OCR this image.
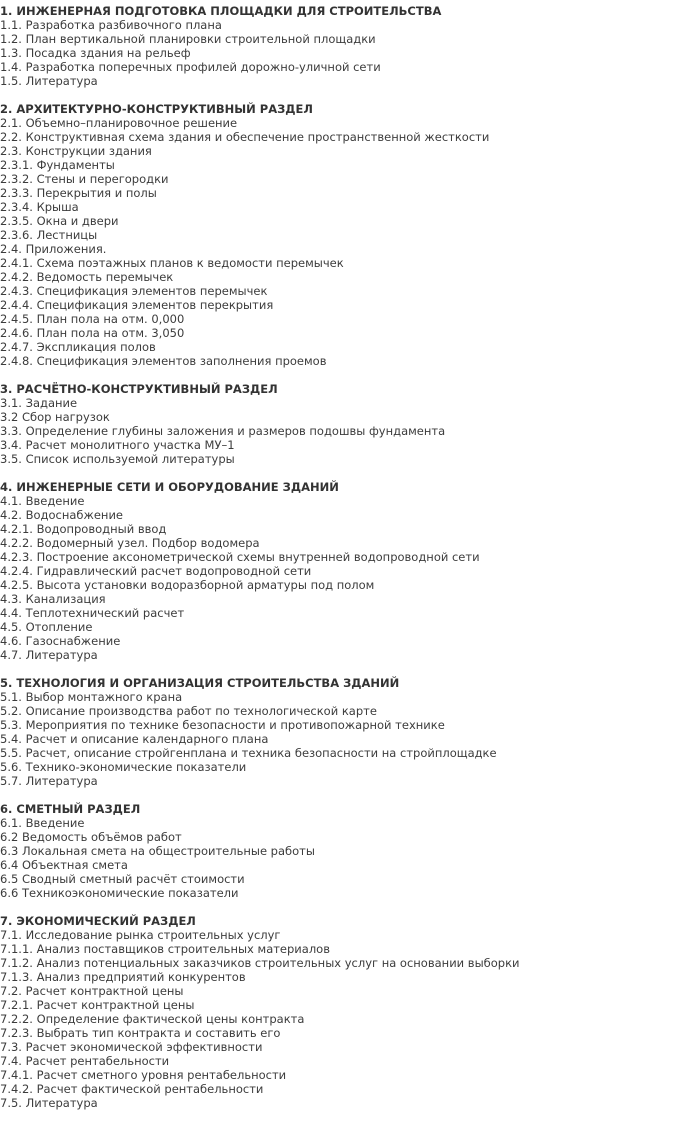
1. ИНЖЕНЕРНАЯ ПОДГОТОВКА ПЛОЩАДКИ ДЛЯ СТРОИТЕЛЬСТВА
1.1. Разработка разбивочного плана
1.2. План вертикальной планировки строительной площадки
1.3. Посадка здания на рельеф
1.4. Разработка поперечных профилей дорожно-уличной сети
1.5. Литература
2. АРХИТЕКТУРНО-КОНСТРУКТИВНЫЙ РАЗДЕЛ
2.1. Объемно–планировочное решение
2.2. Конструктивная схема здания и обеспечение пространственной жесткости
2.3. Конструкции здания
2.3.1. Фундаменты
2.3.2. Стены и перегородки
2.3.3. Перекрытия и полы
2.3.4. Крыша
2.3.5. Окна и двери
2.3.6. Лестницы
2.4. Приложения.
2.4.1. Схема поэтажных планов к ведомости перемычек
2.4.2. Ведомость перемычек
2.4.3. Спецификация элементов перемычек
2.4.4. Спецификация элементов перекрытия
2.4.5. План пола на отм. 0,000
2.4.6. План пола на отм. 3,050
2.4.7. Экспликация полов
2.4.8. Спецификация элементов заполнения проемов
3. РАСЧЁТНО-КОНСТРУКТИВНЫЙ РАЗДЕЛ
3.1. Задание
3.2 Сбор нагрузок
3.3. Определение глубины заложения и размеров подошвы фундамента
3.4. Расчет монолитного участка МУ–1
3.5. Список используемой литературы
4. ИНЖЕНЕРНЫЕ СЕТИ И ОБОРУДОВАНИЕ ЗДАНИЙ
4.1. Введение
4.2. Водоснабжение
4.2.1. Водопроводный ввод
4.2.2. Водомерный узел. Подбор водомера
4.2.3. Построение аксонометрической схемы внутренней водопроводной сети
4.2.4. Гидравлический расчет водопроводной сети
4.2.5. Высота установки водоразборной арматуры под полом
4.3. Канализация
4.4. Теплотехнический расчет
4.5. Отопление
4.6. Газоснабжение
4.7. Литература
5. ТЕХНОЛОГИЯ И ОРГАНИЗАЦИЯ СТРОИТЕЛЬСТВА ЗДАНИЙ
5.1. Выбор монтажного крана
5.2. Описание производства работ по технологической карте
5.3. Мероприятия по технике безопасности и противопожарной технике
5.4. Расчет и описание календарного плана
5.5. Расчет, описание стройгенплана и техника безопасности на стройплощадке
5.6. Технико-экономические показатели
5.7. Литература
6. СМЕТНЫЙ РАЗДЕЛ
6.1. Введение
6.2 Ведомость объёмов работ
6.3 Локальная смета на общестроительные работы
6.4 Объектная смета
6.5 Сводный сметный расчёт стоимости
6.6 Техникоэкономические показатели
7. ЭКОНОМИЧЕСКИЙ РАЗДЕЛ
7.1. Исследование рынка строительных услуг
7.1.1. Анализ поставщиков строительных материалов
7.1.2. Анализ потенциальных заказчиков строительных услуг на основании выборки
7.1.3. Анализ предприятий конкурентов
7.2. Расчет контрактной цены
7.2.1. Расчет контрактной цены
7.2.2. Определение фактической цены контракта
7.2.3. Выбрать тип контракта и составить его
7.3. Расчет экономической эффективности
7.4. Расчет рентабельности
7.4.1. Расчет сметного уровня рентабельности
7.4.2. Расчет фактической рентабельности
7.5. Литература
